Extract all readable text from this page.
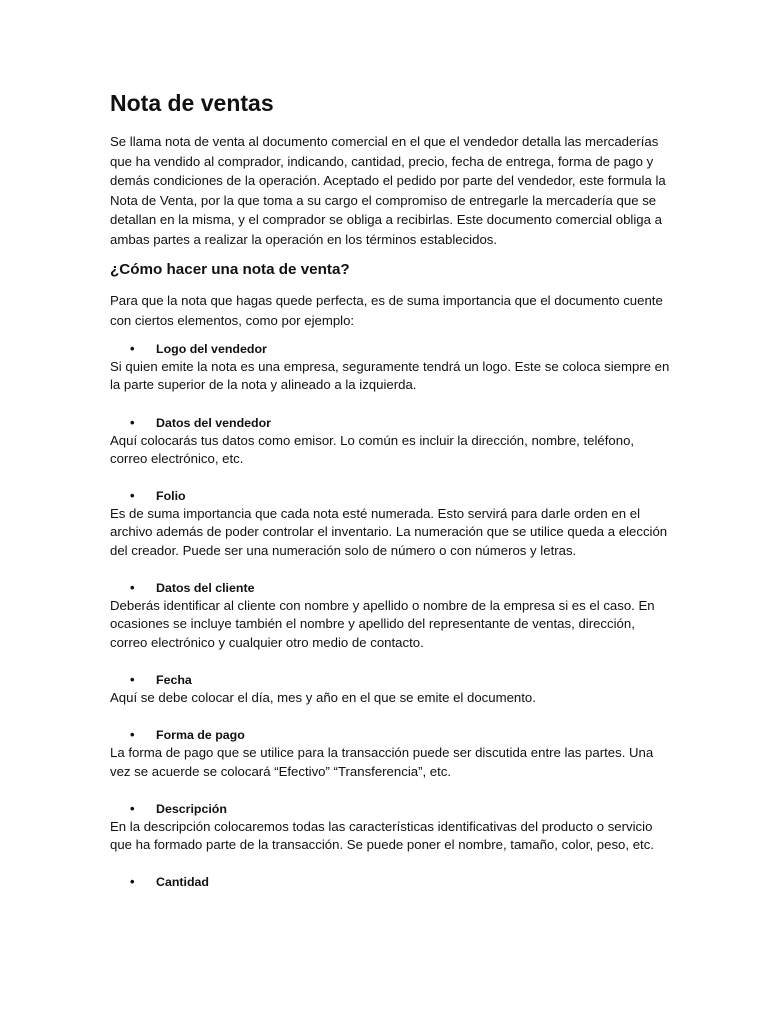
Nota de ventas

Se llama nota de venta al documento comercial en el que el vendedor detalla las mercaderías que ha vendido al comprador, indicando, cantidad, precio, fecha de entrega, forma de pago y demás condiciones de la operación. Aceptado el pedido por parte del vendedor, este formula la Nota de Venta, por la que toma a su cargo el compromiso de entregarle la mercadería que se detallan en la misma, y el comprador se obliga a recibirlas. Este documento comercial obliga a ambas partes a realizar la operación en los términos establecidos.

¿Cómo hacer una nota de venta?

Para que la nota que hagas quede perfecta, es de suma importancia que el documento cuente con ciertos elementos, como por ejemplo:

• Logo del vendedor
Si quien emite la nota es una empresa, seguramente tendrá un logo. Este se coloca siempre en la parte superior de la nota y alineado a la izquierda.
• Datos del vendedor
Aquí colocarás tus datos como emisor. Lo común es incluir la dirección, nombre, teléfono, correo electrónico, etc.
• Folio
Es de suma importancia que cada nota esté numerada. Esto servirá para darle orden en el archivo además de poder controlar el inventario. La numeración que se utilice queda a elección del creador. Puede ser una numeración solo de número o con números y letras.
• Datos del cliente
Deberás identificar al cliente con nombre y apellido o nombre de la empresa si es el caso. En ocasiones se incluye también el nombre y apellido del representante de ventas, dirección, correo electrónico y cualquier otro medio de contacto.
• Fecha
Aquí se debe colocar el día, mes y año en el que se emite el documento.
• Forma de pago
La forma de pago que se utilice para la transacción puede ser discutida entre las partes. Una vez se acuerde se colocará “Efectivo” “Transferencia”, etc.
• Descripción
En la descripción colocaremos todas las características identificativas del producto o servicio que ha formado parte de la transacción. Se puede poner el nombre, tamaño, color, peso, etc.
• Cantidad
